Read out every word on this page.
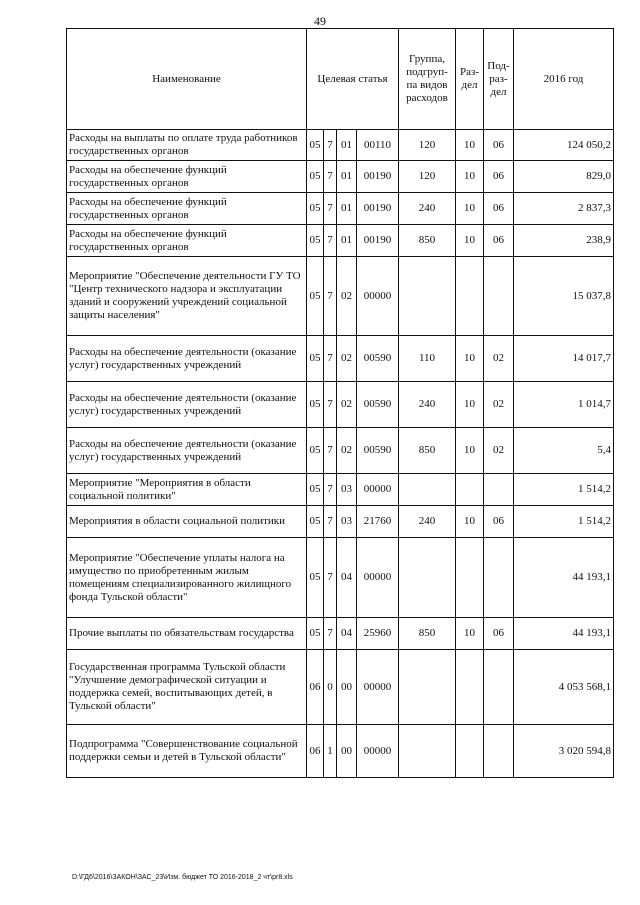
49
Наименование	Целевая статья				Группа, подгруп-па видов расходов	Раз-дел	Под-раз-дел	2016 год
Расходы на выплаты по оплате труда работников государственных органов	05	7	01	00110	120	10	06	124 050,2
Расходы на обеспечение функций государственных органов	05	7	01	00190	120	10	06	829,0
Расходы на обеспечение функций государственных органов	05	7	01	00190	240	10	06	2 837,3
Расходы на обеспечение функций государственных органов	05	7	01	00190	850	10	06	238,9
Мероприятие "Обеспечение деятельности ГУ ТО "Центр технического надзора и эксплуатации зданий и сооружений учреждений социальной защиты населения"	05	7	02	00000				15 037,8
Расходы на обеспечение деятельности (оказание услуг) государственных учреждений	05	7	02	00590	110	10	02	14 017,7
Расходы на обеспечение деятельности (оказание услуг) государственных учреждений	05	7	02	00590	240	10	02	1 014,7
Расходы на обеспечение деятельности (оказание услуг) государственных учреждений	05	7	02	00590	850	10	02	5,4
Мероприятие "Мероприятия в области социальной политики"	05	7	03	00000				1 514,2
Мероприятия в области социальной политики	05	7	03	21760	240	10	06	1 514,2
Мероприятие "Обеспечение уплаты налога на имущество по приобретенным жилым помещениям специализированного жилищного фонда Тульской области"	05	7	04	00000				44 193,1
Прочие выплаты по обязательствам государства	05	7	04	25960	850	10	06	44 193,1
Государственная программа Тульской области "Улучшение демографической ситуации и поддержка семей, воспитывающих детей, в Тульской области"	06	0	00	00000				4 053 568,1
Подпрограмма "Совершенствование социальной поддержки семьи и детей в Тульской области"	06	1	00	00000				3 020 594,8
D:\ГД6\2016\ЗАКОН\ЗАС_23\Изм. бюджет ТО 2016-2018_2 чт\pr8.xls
